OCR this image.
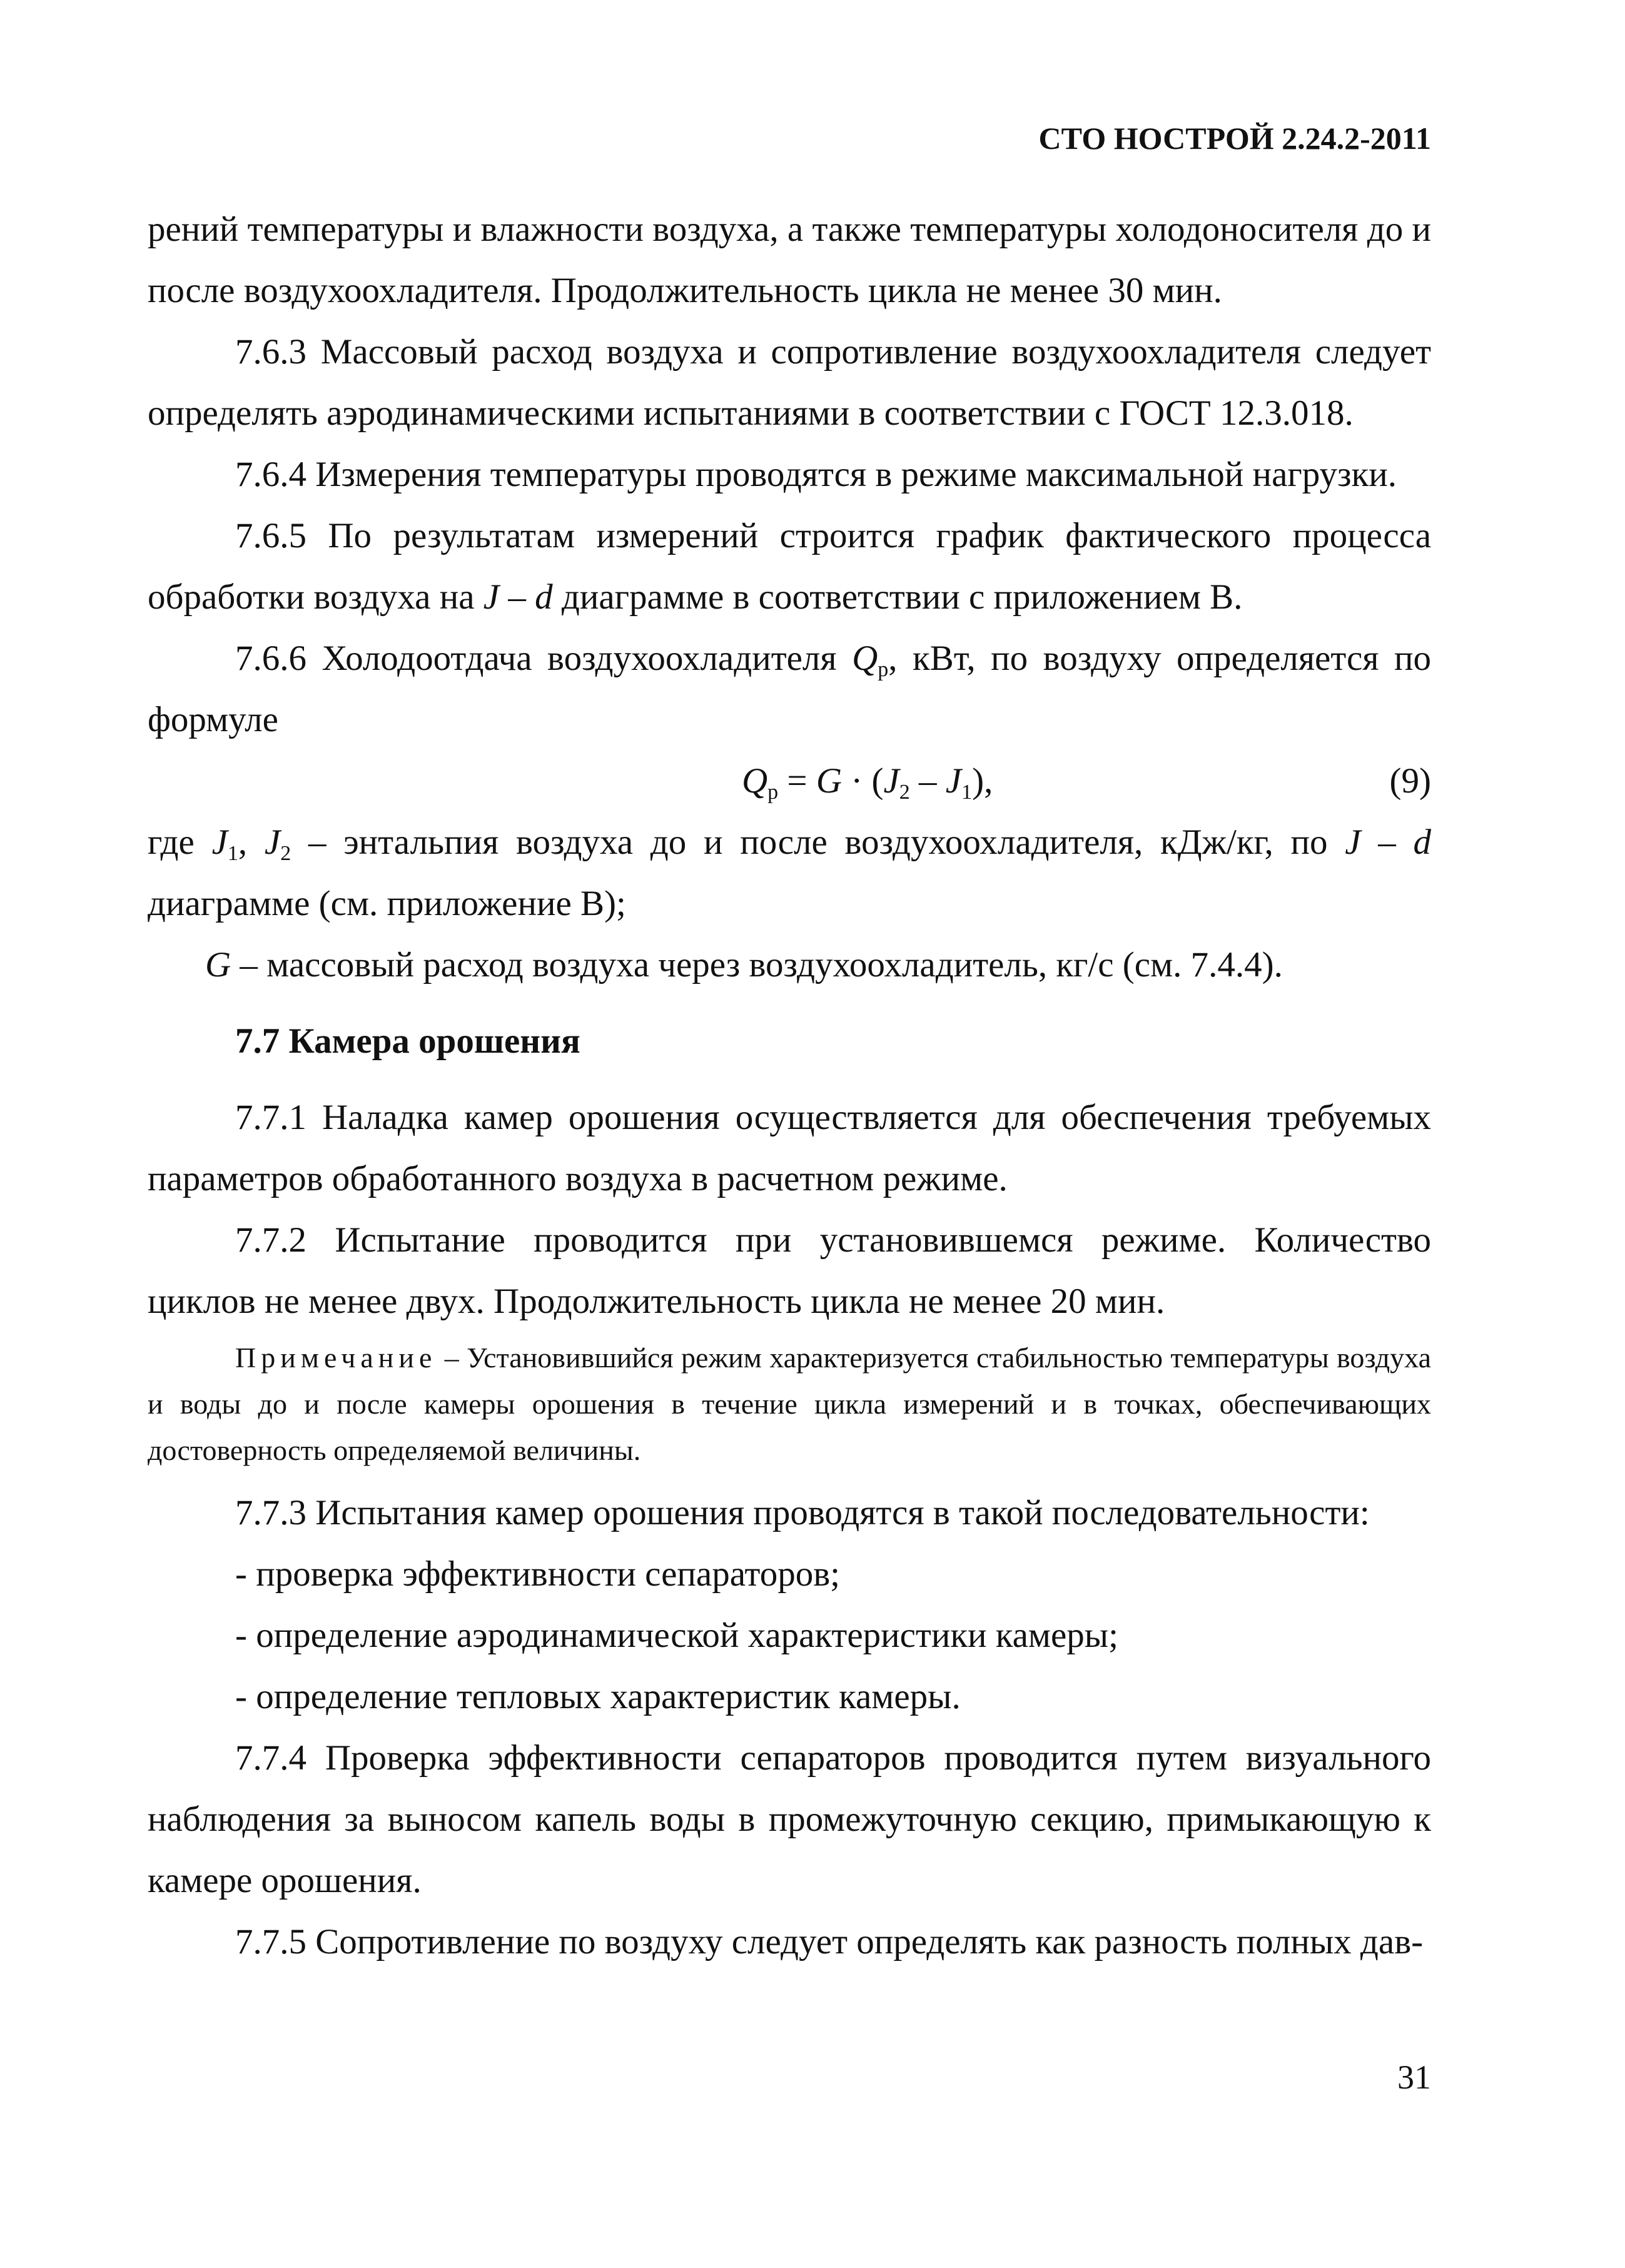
СТО НОСТРОЙ 2.24.2-2011

рений температуры и влажности воздуха, а также температуры холодоносителя до и после воздухоохладителя. Продолжительность цикла не менее 30 мин.

7.6.3 Массовый расход воздуха и сопротивление воздухоохладителя следует определять аэродинамическими испытаниями в соответствии с ГОСТ 12.3.018.

7.6.4 Измерения температуры проводятся в режиме максимальной нагрузки.

7.6.5 По результатам измерений строится график фактического процесса обработки воздуха на J – d диаграмме в соответствии с приложением В.

7.6.6 Холодоотдача воздухоохладителя $Q_р$, кВт, по воздуху определяется по формуле

$Q_р = G \cdot (J_2 - J_1)$,	(9)

где $J_1$, $J_2$ – энтальпия воздуха до и после воздухоохладителя, кДж/кг, по J – d диаграмме (см. приложение В);

G – массовый расход воздуха через воздухоохладитель, кг/с (см. 7.4.4).

7.7 Камера орошения

7.7.1 Наладка камер орошения осуществляется для обеспечения требуемых параметров обработанного воздуха в расчетном режиме.

7.7.2 Испытание проводится при установившемся режиме. Количество циклов не менее двух. Продолжительность цикла не менее 20 мин.

Примечание – Установившийся режим характеризуется стабильностью температуры воздуха и воды до и после камеры орошения в течение цикла измерений и в точках, обеспечивающих достоверность определяемой величины.

7.7.3 Испытания камер орошения проводятся в такой последовательности:

- проверка эффективности сепараторов;

- определение аэродинамической характеристики камеры;

- определение тепловых характеристик камеры.

7.7.4 Проверка эффективности сепараторов проводится путем визуального наблюдения за выносом капель воды в промежуточную секцию, примыкающую к камере орошения.

7.7.5 Сопротивление по воздуху следует определять как разность полных дав-

31
